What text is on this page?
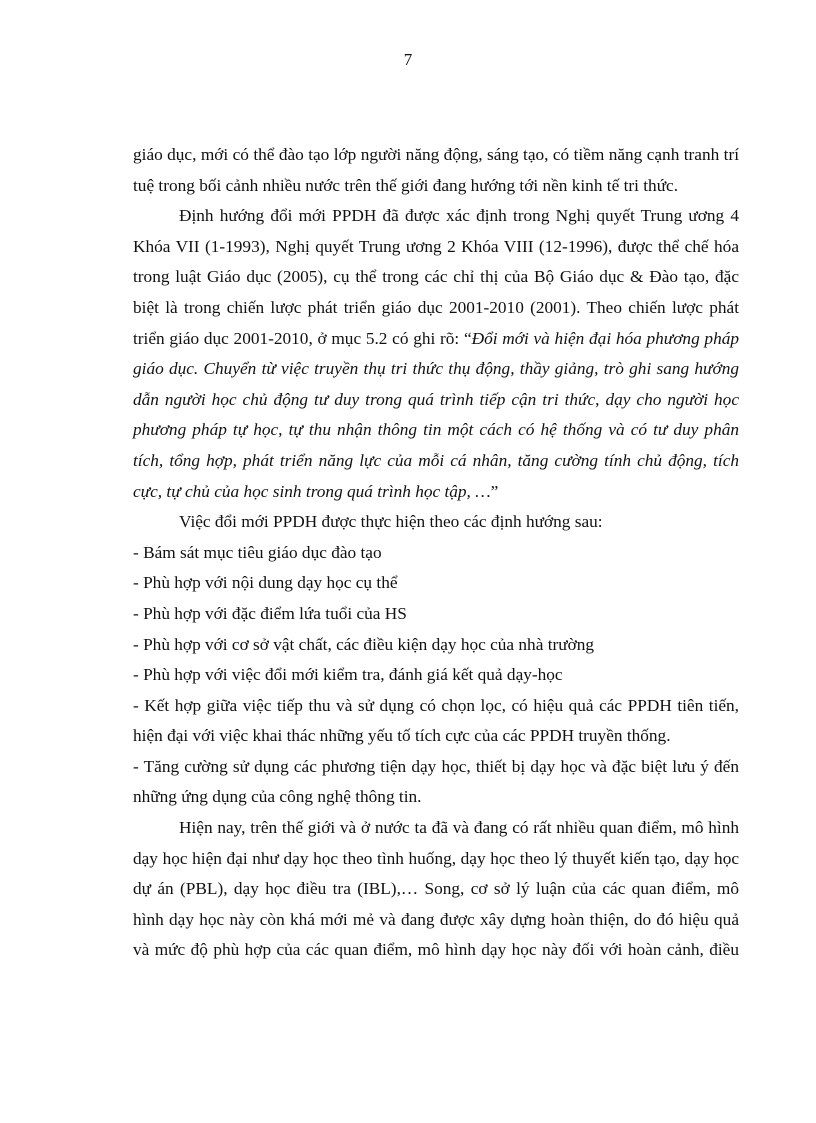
7

giáo dục, mới có thể đào tạo lớp người năng động, sáng tạo, có tiềm năng cạnh tranh trí
tuệ trong bối cảnh nhiều nước trên thế giới đang hướng tới nền kinh tế tri thức.

Định hướng đổi mới PPDH đã được xác định trong Nghị quyết Trung ương 4
Khóa VII (1-1993), Nghị quyết Trung ương 2 Khóa VIII (12-1996), được thể chế hóa
trong luật Giáo dục (2005), cụ thể trong các chỉ thị của Bộ Giáo dục & Đào tạo, đặc
biệt là trong chiến lược phát triển giáo dục 2001-2010 (2001). Theo chiến lược phát
triển giáo dục 2001-2010, ở mục 5.2 có ghi rõ: “Đổi mới và hiện đại hóa phương pháp
giáo dục. Chuyển từ việc truyền thụ tri thức thụ động, thầy giảng, trò ghi sang hướng
dẫn người học chủ động tư duy trong quá trình tiếp cận tri thức, dạy cho người học
phương pháp tự học, tự thu nhận thông tin một cách có hệ thống và có tư duy phân
tích, tổng hợp, phát triển năng lực của mỗi cá nhân, tăng cường tính chủ động, tích
cực, tự chủ của học sinh trong quá trình học tập, …”

Việc đổi mới PPDH được thực hiện theo các định hướng sau:

- Bám sát mục tiêu giáo dục đào tạo
- Phù hợp với nội dung dạy học cụ thể
- Phù hợp với đặc điểm lứa tuổi của HS
- Phù hợp với cơ sở vật chất, các điều kiện dạy học của nhà trường
- Phù hợp với việc đổi mới kiểm tra, đánh giá kết quả dạy-học

- Kết hợp giữa việc tiếp thu và sử dụng có chọn lọc, có hiệu quả các PPDH tiên tiến,
hiện đại với việc khai thác những yếu tố tích cực của các PPDH truyền thống.

- Tăng cường sử dụng các phương tiện dạy học, thiết bị dạy học và đặc biệt lưu ý đến
những ứng dụng của công nghệ thông tin.

Hiện nay, trên thế giới và ở nước ta đã và đang có rất nhiều quan điểm, mô hình
dạy học hiện đại như dạy học theo tình huống, dạy học theo lý thuyết kiến tạo, dạy học
dự án (PBL), dạy học điều tra (IBL),… Song, cơ sở lý luận của các quan điểm, mô
hình dạy học này còn khá mới mẻ và đang được xây dựng hoàn thiện, do đó hiệu quả
và mức độ phù hợp của các quan điểm, mô hình dạy học này đối với hoàn cảnh, điều
